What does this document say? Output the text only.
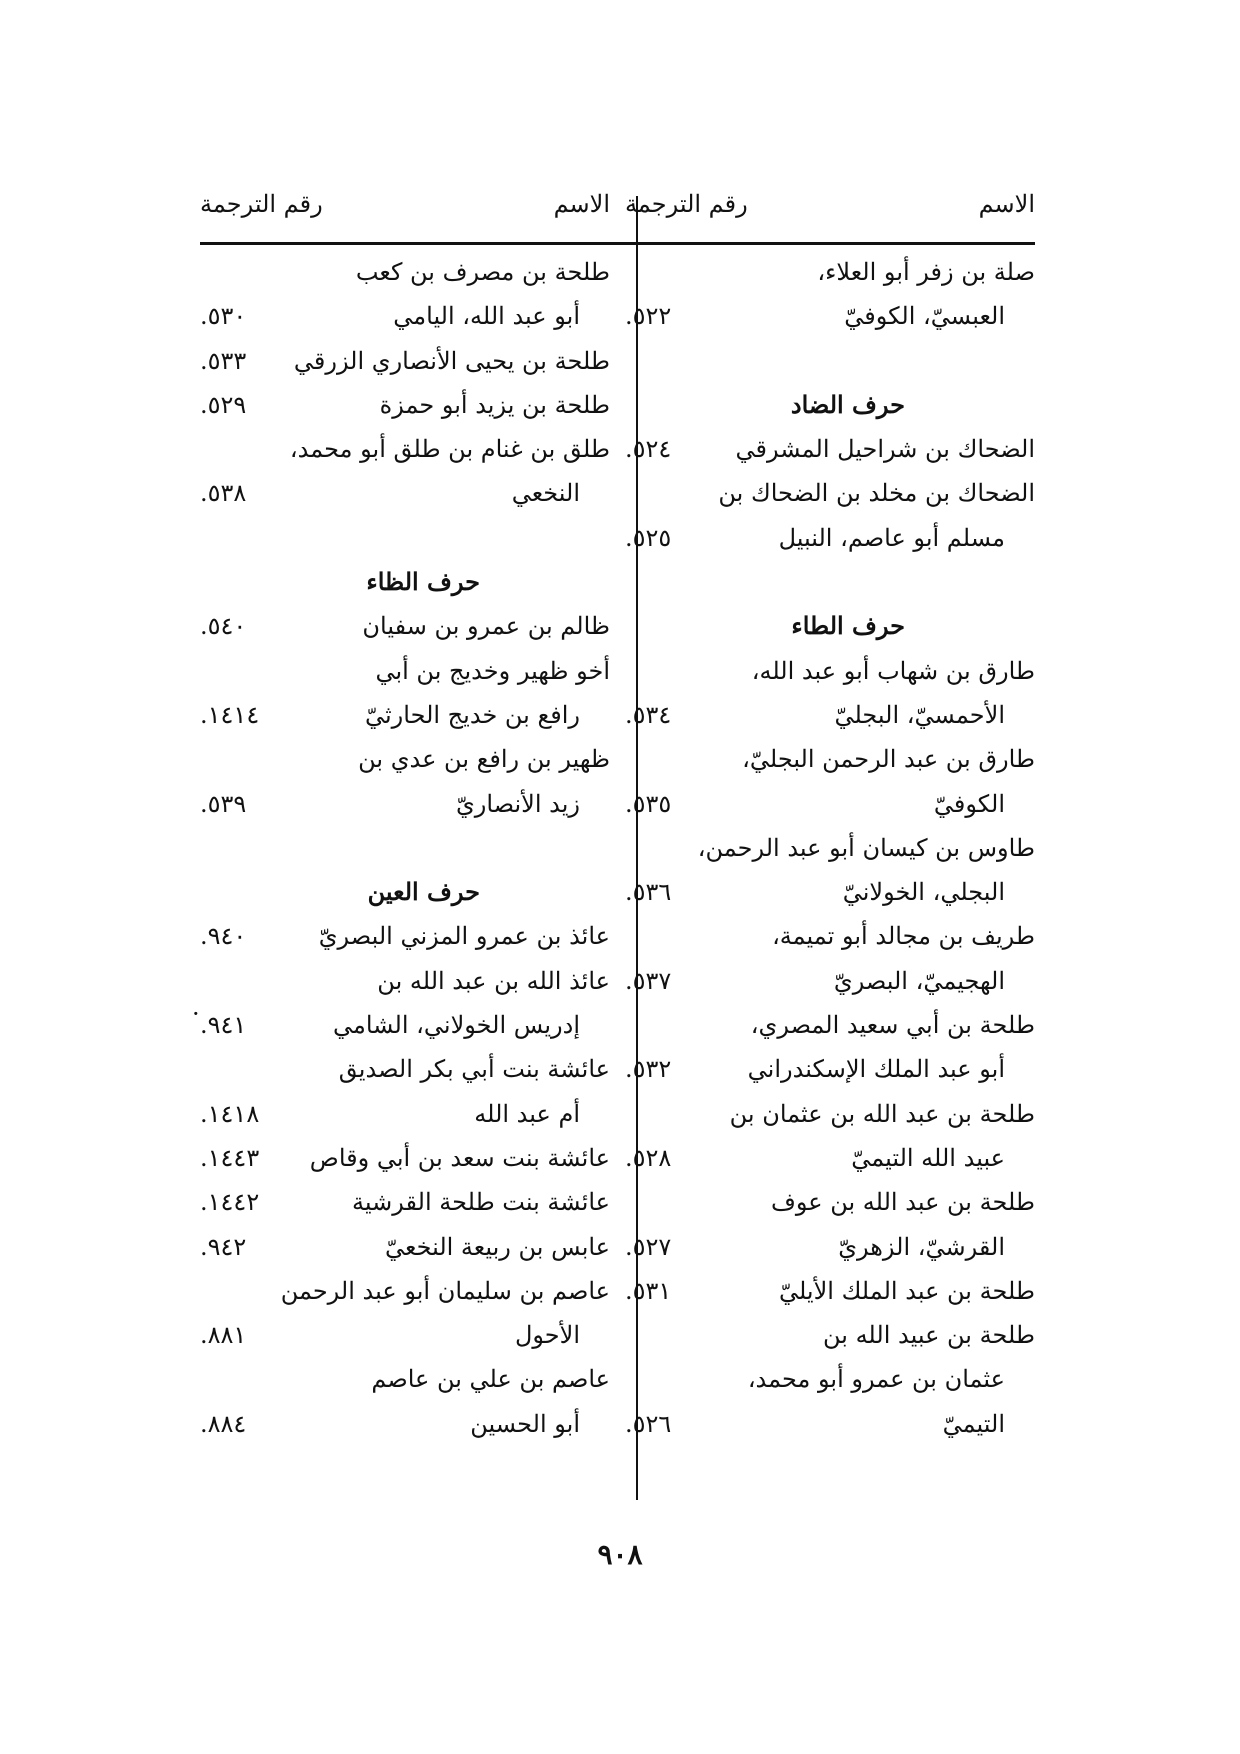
الاسم
رقم الترجمة
صلة بن زفر أبو العلاء،
العبسيّ، الكوفيّ
٥٢٢.
حرف الضاد
الضحاك بن شراحيل المشرقي
٥٢٤.
الضحاك بن مخلد بن الضحاك بن
مسلم أبو عاصم، النبيل
٥٢٥.
حرف الطاء
طارق بن شهاب أبو عبد الله،
الأحمسيّ، البجليّ
٥٣٤.
طارق بن عبد الرحمن البجليّ،
الكوفيّ
٥٣٥.
طاوس بن كيسان أبو عبد الرحمن،
البجلي، الخولانيّ
٥٣٦.
طريف بن مجالد أبو تميمة،
الهجيميّ، البصريّ
٥٣٧.
طلحة بن أبي سعيد المصري،
أبو عبد الملك الإسكندراني
٥٣٢.
طلحة بن عبد الله بن عثمان بن
عبيد الله التيميّ
٥٢٨.
طلحة بن عبد الله بن عوف
القرشيّ، الزهريّ
٥٢٧.
طلحة بن عبد الملك الأيليّ
٥٣١.
طلحة بن عبيد الله بن
عثمان بن عمرو أبو محمد،
التيميّ
٥٢٦.
الاسم
رقم الترجمة
طلحة بن مصرف بن كعب
أبو عبد الله، اليامي
٥٣٠.
طلحة بن يحيى الأنصاري الزرقي
٥٣٣.
طلحة بن يزيد أبو حمزة
٥٢٩.
طلق بن غنام بن طلق أبو محمد،
النخعي
٥٣٨.
حرف الظاء
ظالم بن عمرو بن سفيان
٥٤٠.
أخو ظهير وخديج بن أبي
رافع بن خديج الحارثيّ
١٤١٤.
ظهير بن رافع بن عدي بن
زيد الأنصاريّ
٥٣٩.
حرف العين
عائذ بن عمرو المزني البصريّ
٩٤٠.
عائذ الله بن عبد الله بن
إدريس الخولاني، الشامي
٩٤١.
عائشة بنت أبي بكر الصديق
أم عبد الله
١٤١٨.
عائشة بنت سعد بن أبي وقاص
١٤٤٣.
عائشة بنت طلحة القرشية
١٤٤٢.
عابس بن ربيعة النخعيّ
٩٤٢.
عاصم بن سليمان أبو عبد الرحمن
الأحول
٨٨١.
عاصم بن علي بن عاصم
أبو الحسين
٨٨٤.
·
٩٠٨
